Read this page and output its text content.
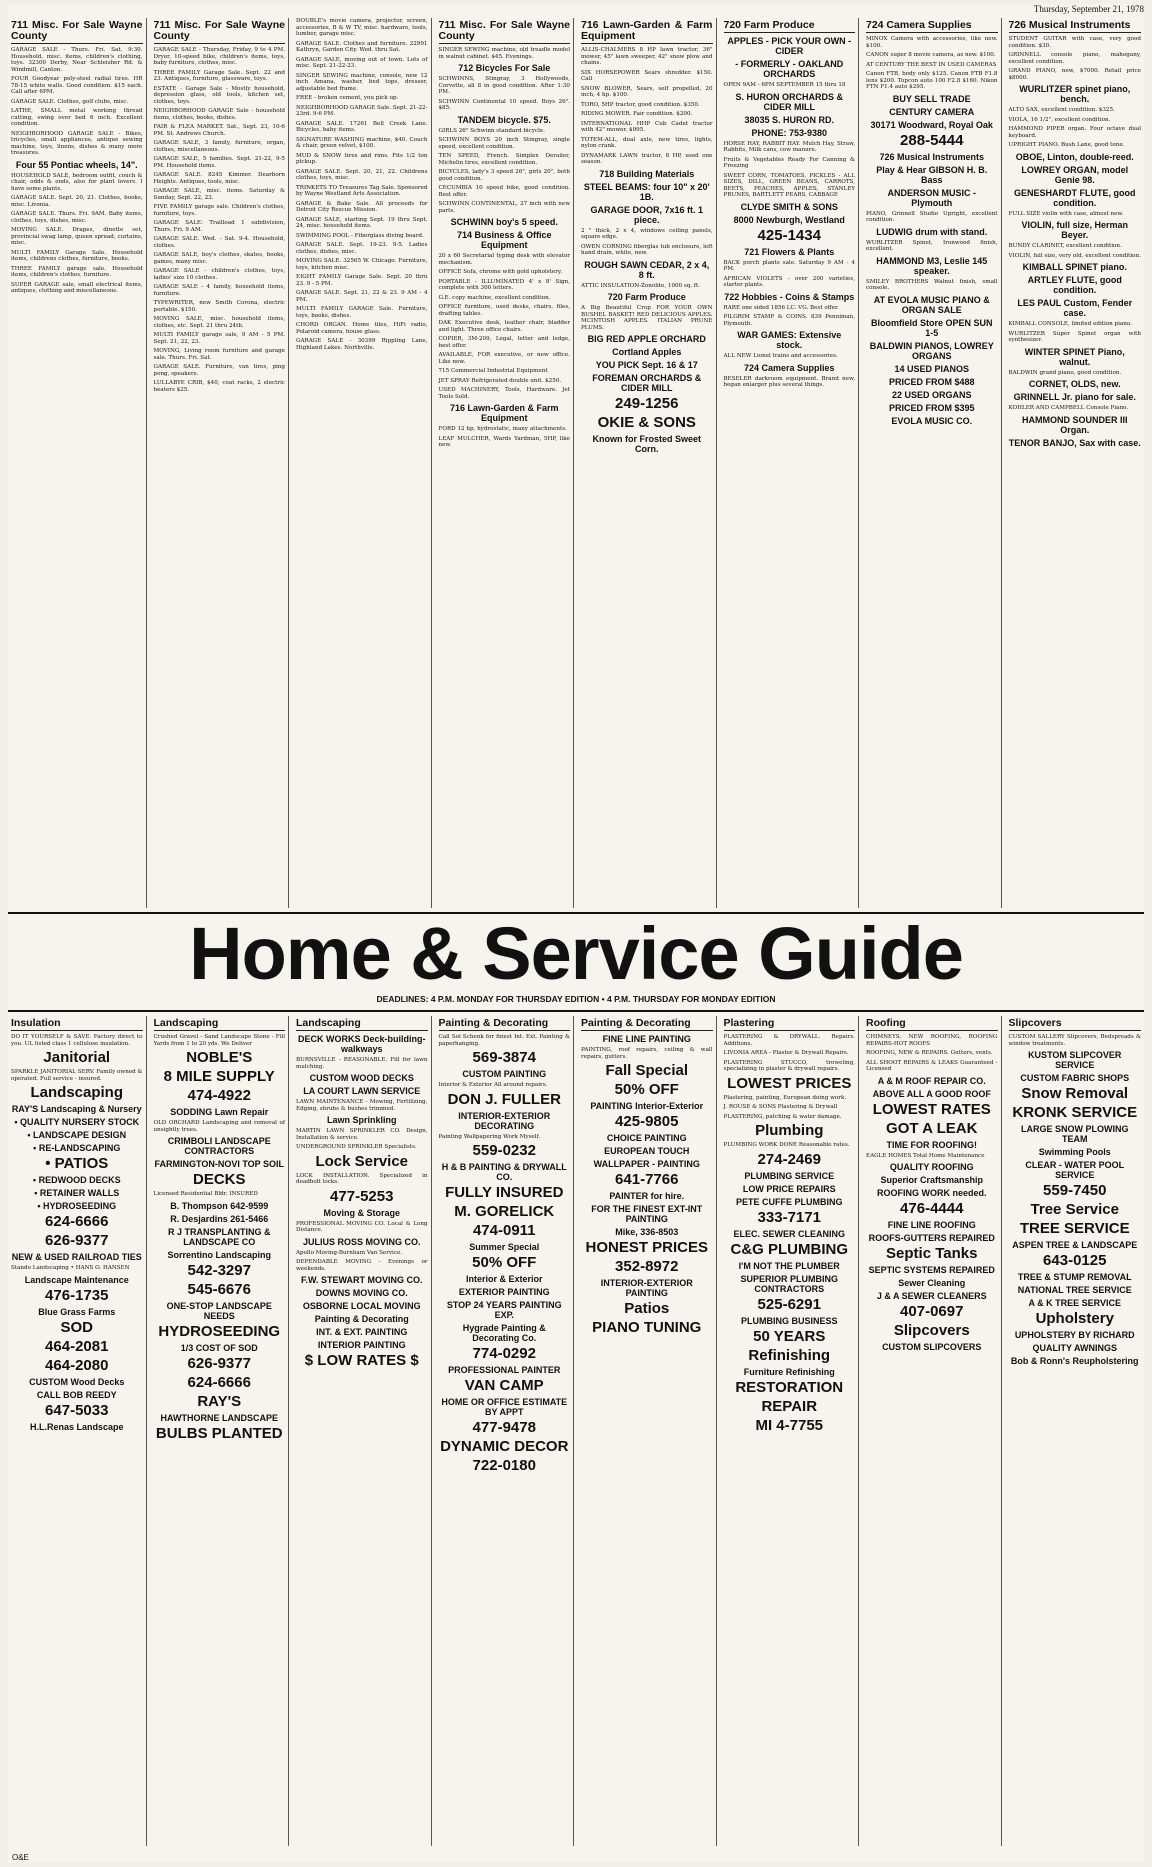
Thursday, September 21, 1978
711 Misc. For Sale Wayne County
GARAGE SALE - Thurs. Fri. Sat. 9:30. Household, misc. items, children's clothing, toys. 32300 Derby, Near Schleisher Rd. & Windmill, Canton.
FOUR Goodyear poly-steel radial tires. HR 78-15 white walls. Good condition. $15 each. Call after 6PM.
GARAGE SALE. Clothes, golf clubs, misc.
LATHE, SMALL metal working thread cutting, swing over bed 6 inch. Excellent condition.
NEIGHBORHOOD GARAGE SALE - Bikes, tricycles, small appliances, antique sewing machine, toys, linens, dishes & many more treasures.
Four 55 Pontiac wheels, 14".
HOUSEHOLD SALE, bedroom outfit, couch & chair, odds & ends, also for plant lovers. I have some plants.
GARAGE SALE. Sept. 20, 21. Clothes, books, misc. Livonia.
GARAGE SALE. Thurs. Fri. 9AM. Baby items, clothes, toys, dishes, misc.
MOVING SALE. Drapes, dinette set, provincial swag lamp, queen spread, curtains, misc.
MULTI FAMILY Garage Sale. Household items, childrens clothes, furniture, books.
THREE FAMILY garage sale. Household items, children's clothes, furniture.
SUPER GARAGE sale, small electrical items, antiques, clothing and miscellaneous.
711 Misc. For Sale Wayne County
GARAGE SALE - Thursday, Friday, 9 to 4 PM. Dryer, 10-speed bike, children's items, toys, baby furniture, clothes, misc.
THREE FAMILY Garage Sale. Sept. 22 and 23. Antiques, furniture, glassware, toys.
ESTATE - Garage Sale - Mostly household, depression glass, old tools, kitchen set, clothes, toys.
NEIGHBORHOOD GARAGE Sale - household items, clothes, books, dishes.
FAIR & FLEA MARKET. Sat., Sept. 23, 10-6 PM. St. Andrews Church.
GARAGE SALE, 3 family, furniture, organ, clothes, miscellaneous.
GARAGE SALE, 5 families. Sept. 21-22, 9-5 PM. Household items.
GARAGE SALE. 8245 Kimmer. Dearborn Heights. Antiques, tools, misc.
GARAGE SALE, misc. items. Saturday & Sunday, Sept. 22, 23.
FIVE FAMILY garage sale. Children's clothes, furniture, toys.
GARAGE SALE: Trailload 1 subdivision, Thurs. Fri. 9 AM.
GARAGE SALE. Wed. - Sat. 9-4. Household, clothes.
GARAGE SALE, boy's clothes, skates, books, games, many misc.
GARAGE SALE - children's clothes, toys, ladies' size 10 clothes.
GARAGE SALE - 4 family, household items, furniture.
TYPEWRITER, new Smith Corona, electric portable. $150.
MOVING SALE, misc. household items, clothes, etc. Sept. 21 thru 24th.
MULTI FAMILY garage sale, 9 AM - 5 PM. Sept. 21, 22, 23.
MOVING, Living room furniture and garage sale. Thurs. Fri. Sat.
GARAGE SALE. Furniture, van tires, ping pong, speakers.
LULLABYE CRIB, $40, coat racks, 2 electric heaters $25.
DOUBLE's movie camera, projector, screen, accessories, B & W TV, misc. hardware, tools, lumber, garage misc.
GARAGE SALE. Clothes and furniture. 22991 Kathryn, Garden City. Wed. thru Sat.
GARAGE SALE, moving out of town. Lots of misc. Sept. 21-22-23.
SINGER SEWING machine, console, new 12 inch Amana, washer, bed tops, dresser, adjustable bed frame.
FREE - broken cement, you pick up.
NEIGHBORHOOD GARAGE Sale. Sept. 21-22-23rd. 9-6 PM.
GARAGE SALE. 17261 Bell Creek Lane. Bicycles, baby items.
SIGNATURE WASHING machine, $40. Couch & chair, green velvet, $100.
MUD & SNOW tires and rims. Fits 1/2 ton pickup.
GARAGE SALE. Sept. 20, 21, 22. Childrens clothes, toys, misc.
TRINKETS TO Treasures Tag Sale. Sponsored by Wayne Westland Arts Association.
GARAGE & Bake Sale. All proceeds for Detroit City Rescue Mission.
GARAGE SALE, starting Sept. 19 thru Sept. 24, misc. household items.
SWIMMING POOL - Fiberglass diving board.
GARAGE SALE. Sept. 19-23. 9-5. Ladies clothes, dishes, misc.
MOVING SALE. 32565 W. Chicago. Furniture, toys, kitchen misc.
EIGHT FAMILY Garage Sale. Sept. 20 thru 23. 9 - 5 PM.
GARAGE SALE. Sept. 21, 22 & 23. 9 AM - 4 PM.
MULTI FAMILY GARAGE Sale. Furniture, toys, books, dishes.
CHORD ORGAN. Home tiles, HiFi radio, Polaroid camera, house glass.
GARAGE SALE - 30399 Rippling Lane, Highland Lakes. Northville.
711 Misc. For Sale Wayne County
SINGER SEWING machine, old treadle model in walnut cabinet. $45. Evenings.
712 Bicycles For Sale
SCHWINNS, Stingray, 3 Hollywoods, Corvette, all 8 in good condition. After 1:30 PM.
SCHWINN Continental 10 speed. Boys 26". $85.
TANDEM bicycle. $75.
GIRLS 26" Schwinn standard bicycle.
SCHWINN BOYS 20 inch Stingray, single speed, excellent condition.
TEN SPEED, French. Simplex Derailer, Michelin tires, excellent condition.
BICYCLES, lady's 3 speed 26", girls 20", both good condition.
CECUMBIA 10 speed bike, good condition. Best offer.
SCHWINN CONTINENTAL, 27 inch with new parts.
SCHWINN boy's 5 speed.
714 Business & Office Equipment
20 x 60 Secretarial typing desk with elevator mechanism.
OFFICE Sofa, chrome with gold upholstery.
PORTABLE - ILLUMINATED 4' x 8' Sign, complete with 300 letters.
G.E. copy machine, excellent condition.
OFFICE furniture, used desks, chairs, files, drafting tables.
DAK Executive desk, leather chair, bladder and light. Three office chairs.
COPIER, 3M-209, Legal, letter and ledge, best offer.
AVAILABLE, FOR executive, or new office. Like new.
715 Commercial Industrial Equipment
JET SPRAY Refrigerated double unit. $250.
USED MACHINERY, Tools, Hardware. Jet Tools Sold.
716 Lawn-Garden & Farm Equipment
FORD 12 hp, hydrostatic, many attachments.
LEAF MULCHER, Wards Yardman, 5HP, like new.
716 Lawn-Garden & Farm Equipment
ALLIS-CHALMERS 8 HP lawn tractor, 36" mower, 45" lawn sweeper, 42" snow plow and chains.
SIX HORSEPOWER Sears shredder. $150. Call
SNOW BLOWER, Sears, self propelled, 20 inch, 4 hp. $100.
TORO, 5HP tractor, good condition. $350.
RIDING MOWER. Fair condition. $200.
INTERNATIONAL HHP Cub Cadet tractor with 42" mower. $995.
TOTEM-ALL, dual axle, new tires, lights, nylon crank.
DYNAMARK LAWN tractor, 8 HP, used one season.
718 Building Materials
STEEL BEAMS: four 10" x 20' 1B.
GARAGE DOOR, 7x16 ft. 1 piece.
2 " thick, 2 x 4, windows ceiling panels, square edge.
OWEN CORNING fiberglas tub enclosure, left hand drain, white, new.
ROUGH SAWN CEDAR, 2 x 4, 8 ft.
ATTIC INSULATION-Zonolite, 1000 sq. ft.
720 Farm Produce
A Big Beautiful Crop FOR YOUR OWN BUSHEL BASKET! RED DELICIOUS APPLES. MCINTOSH APPLES. ITALIAN PRUNE PLUMS.
BIG RED APPLE ORCHARD
Cortland Apples
YOU PICK Sept. 16 & 17
FOREMAN ORCHARDS & CIDER MILL
249-1256
OKIE & SONS
Known for Frosted Sweet Corn.
720 Farm Produce
APPLES - PICK YOUR OWN - CIDER
- FORMERLY - OAKLAND ORCHARDS
OPEN 9AM - 6PM SEPTEMBER 15 thru 18
S. HURON ORCHARDS & CIDER MILL
38035 S. HURON RD.
PHONE: 753-9380
HORSE HAY, RABBIT HAY. Mulch Hay, Straw, Rabbits, Milk cans, cow manure.
Fruits & Vegetables Ready For Canning & Freezing
SWEET CORN, TOMATOES, PICKLES - ALL SIZES, DILL, GREEN BEANS, CARROTS, BEETS, PEACHES, APPLES, STANLEY PRUNES, BARTLETT PEARS, CABBAGE
CLYDE SMITH & SONS
8000 Newburgh, Westland
425-1434
721 Flowers & Plants
BACK porch plants sale. Saturday 9 AM - 4 PM.
AFRICAN VIOLETS - over 200 varieties, starter plants.
722 Hobbies - Coins & Stamps
RARE one sided 1856 LC. VG. Best offer.
PILGRIM STAMP & COINS. 839 Penniman, Plymouth.
WAR GAMES: Extensive stock.
ALL NEW Lionel trains and accessories.
724 Camera Supplies
BESELER darkroom equipment. Brand new, began enlarger plus several things.
724 Camera Supplies
MINOX Camera with accessories, like new. $100.
CANON super 8 movie camera, as new. $100.
AT CENTURY THE BEST IN USED CAMERAS
Canon FTB, body only $125. Canon FTB F1.8 lens $200. Topcon auto 100 F2.8 $160. Nikon FTN F1.4 auto $295.
BUY SELL TRADE
CENTURY CAMERA
30171 Woodward, Royal Oak
288-5444
726 Musical Instruments
Play & Hear GIBSON H. B. Bass
ANDERSON MUSIC - Plymouth
PIANO, Grinnell Studio Upright, excellent condition.
LUDWIG drum with stand.
WURLITZER Spinet, Ironwood finish, excellent.
HAMMOND M3, Leslie 145 speaker.
SMILEY BROTHERS Walnut finish, small console.
AT EVOLA MUSIC PIANO & ORGAN SALE
Bloomfield Store OPEN SUN 1-5
BALDWIN PIANOS, LOWREY ORGANS
14 USED PIANOS
PRICED FROM $488
22 USED ORGANS
PRICED FROM $395
EVOLA MUSIC CO.
726 Musical Instruments
STUDENT GUITAR with case, very good condition. $30.
GRINNELL console piano, mahogany, excellent condition.
GRAND PIANO, new, $7000. Retail price $8000.
WURLITZER spinet piano, bench.
ALTO SAX, excellent condition. $325.
VIOLA, 16 1/2", excellent condition.
HAMMOND PIPER organ. Four octave dual keyboard.
UPRIGHT PIANO. Bush Lane, good tone.
OBOE, Linton, double-reed.
LOWREY ORGAN, model Genie 98.
GENESHARDT FLUTE, good condition.
FULL SIZE violin with case, almost new.
VIOLIN, full size, Herman Beyer.
BUNDY CLARINET, excellent condition.
VIOLIN, full size, very old, excellent condition.
KIMBALL SPINET piano.
ARTLEY FLUTE, good condition.
LES PAUL Custom, Fender case.
KIMBALL CONSOLE, limited edition piano.
WURLITZER Super Spinet organ with synthesizer.
WINTER SPINET Piano, walnut.
BALDWIN grand piano, good condition.
CORNET, OLDS, new.
GRINNELL Jr. piano for sale.
KOHLER AND CAMPBELL Console Piano.
HAMMOND SOUNDER III Organ.
TENOR BANJO, Sax with case.
Home & Service Guide
DEADLINES: 4 P.M. MONDAY FOR THURSDAY EDITION • 4 P.M. THURSDAY FOR MONDAY EDITION
Insulation
DO IT YOURSELF & SAVE. Factory direct to you. UL listed class 1 cellulose insulation.
Janitorial
SPARKLE JANITORIAL SERV. Family owned & operated. Full service - insured.
Landscaping
RAY'S Landscaping & Nursery
• QUALITY NURSERY STOCK
• LANDSCAPE DESIGN
• RE-LANDSCAPING
• PATIOS
• REDWOOD DECKS
• RETAINER WALLS
• HYDROSEEDING
624-6666
626-9377
NEW & USED RAILROAD TIES
Stando Landscaping • HANS O. HANSEN
Landscape Maintenance
476-1735
Blue Grass Farms
SOD
464-2081
464-2080
CUSTOM Wood Decks
CALL BOB REEDY
647-5033
H.L.Renas Landscape
Landscaping
Crushed Gravel - Sand Landscape Stone - Fill Yards from 1 to 20 yds. We Deliver
NOBLE'S
8 MILE SUPPLY
474-4922
SODDING Lawn Repair
OLD ORCHARD Landscaping and removal of unsightly trees.
CRIMBOLI LANDSCAPE CONTRACTORS
FARMINGTON-NOVI TOP SOIL
DECKS
Licensed Residential Bldr. INSURED
B. Thompson 642-9599
R. Desjardins 261-5466
R J TRANSPLANTING & LANDSCAPE CO
Sorrentino Landscaping
542-3297
545-6676
ONE-STOP LANDSCAPE NEEDS
HYDROSEEDING
1/3 COST OF SOD
626-9377
624-6666
RAY'S
HAWTHORNE LANDSCAPE
BULBS PLANTED
Landscaping
DECK WORKS Deck-building-walkways
BURNSVILLE - REASONABLE. Fill for lawn mulching.
CUSTOM WOOD DECKS
LA COURT LAWN SERVICE
LAWN MAINTENANCE - Mowing, Fertilizing, Edging, shrubs & bushes trimmed.
Lawn Sprinkling
MARTIN LAWN SPRINKLER CO. Design, Installation & service.
UNDERGROUND SPRINKLER Specialists.
Lock Service
LOCK INSTALLATION. Specialized in deadbolt locks.
477-5253
Moving & Storage
PROFESSIONAL MOVING CO. Local & Long Distance.
JULIUS ROSS MOVING CO.
Apollo Moving-Burnham Van Service.
DEPENDABLE MOVING - Evenings or weekends.
F.W. STEWART MOVING CO.
DOWNS MOVING CO.
OSBORNE LOCAL MOVING
Painting & Decorating
INT. & EXT. PAINTING
INTERIOR PAINTING
$ LOW RATES $
Painting & Decorating
Call Sol Schenk for finest Int. Ext. Painting & paperhanging.
569-3874
CUSTOM PAINTING
Interior & Exterior All around repairs.
DON J. FULLER
INTERIOR-EXTERIOR DECORATING
Painting Wallpapering Work Myself.
559-0232
H & B PAINTING & DRYWALL CO.
FULLY INSURED
M. GORELICK
474-0911
Summer Special
50% OFF
Interior & Exterior
EXTERIOR PAINTING
STOP 24 YEARS PAINTING EXP.
Hygrade Painting & Decorating Co.
774-0292
PROFESSIONAL PAINTER
VAN CAMP
HOME OR OFFICE ESTIMATE BY APPT
477-9478
DYNAMIC DECOR
722-0180
Painting & Decorating
FINE LINE PAINTING
PAINTING, roof repairs, ceiling & wall repairs, gutters.
Fall Special
50% OFF
PAINTING Interior-Exterior
425-9805
CHOICE PAINTING
EUROPEAN TOUCH
WALLPAPER - PAINTING
641-7766
PAINTER for hire.
FOR THE FINEST EXT-INT PAINTING
Mike, 336-8503
HONEST PRICES
352-8972
INTERIOR-EXTERIOR PAINTING
Patios
PIANO TUNING
Plastering
PLASTERING & DRYWALL. Repairs. Additions.
LIVONIA AREA - Plaster & Drywall Repairs.
PLASTERING STUCCO, troweling, specializing in plaster & drywall repairs.
LOWEST PRICES
Plastering, painting, European doing work.
J. ROUSE & SONS Plastering & Drywall
PLASTERING, patching & water damage.
Plumbing
PLUMBING WORK DONE Reasonable rates.
274-2469
PLUMBING SERVICE
LOW PRICE REPAIRS
PETE CUFFE PLUMBING
333-7171
ELEC. SEWER CLEANING
C&G PLUMBING
I'M NOT THE PLUMBER
SUPERIOR PLUMBING CONTRACTORS
525-6291
PLUMBING BUSINESS
50 YEARS
Refinishing
Furniture Refinishing
RESTORATION
REPAIR
MI 4-7755
Roofing
CHIMNEYS, NEW ROOFING, ROOFING REPAIRS-HOT ROOFS
ROOFING, NEW & REPAIRS. Gutters, vents.
ALL SHOOT REPAIRS & LEAKS Guaranteed - Licensed
A & M ROOF REPAIR CO.
ABOVE ALL A GOOD ROOF
LOWEST RATES
GOT A LEAK
TIME FOR ROOFING!
EAGLE HOMES Total Home Maintenance
QUALITY ROOFING
Superior Craftsmanship
ROOFING WORK needed.
476-4444
FINE LINE ROOFING
ROOFS-GUTTERS REPAIRED
Septic Tanks
SEPTIC SYSTEMS REPAIRED
Sewer Cleaning
J & A SEWER CLEANERS
407-0697
Slipcovers
CUSTOM SLIPCOVERS
Slipcovers
CUSTOM SALLERY Slipcovers, Bedspreads & window treatments.
KUSTOM SLIPCOVER SERVICE
CUSTOM FABRIC SHOPS
Snow Removal
KRONK SERVICE
LARGE SNOW PLOWING TEAM
Swimming Pools
CLEAR - WATER POOL SERVICE
559-7450
Tree Service
TREE SERVICE
ASPEN TREE & LANDSCAPE
643-0125
TREE & STUMP REMOVAL
NATIONAL TREE SERVICE
A & K TREE SERVICE
Upholstery
UPHOLSTERY BY RICHARD
QUALITY AWNINGS
Bob & Ronn's Reupholstering
O&E
